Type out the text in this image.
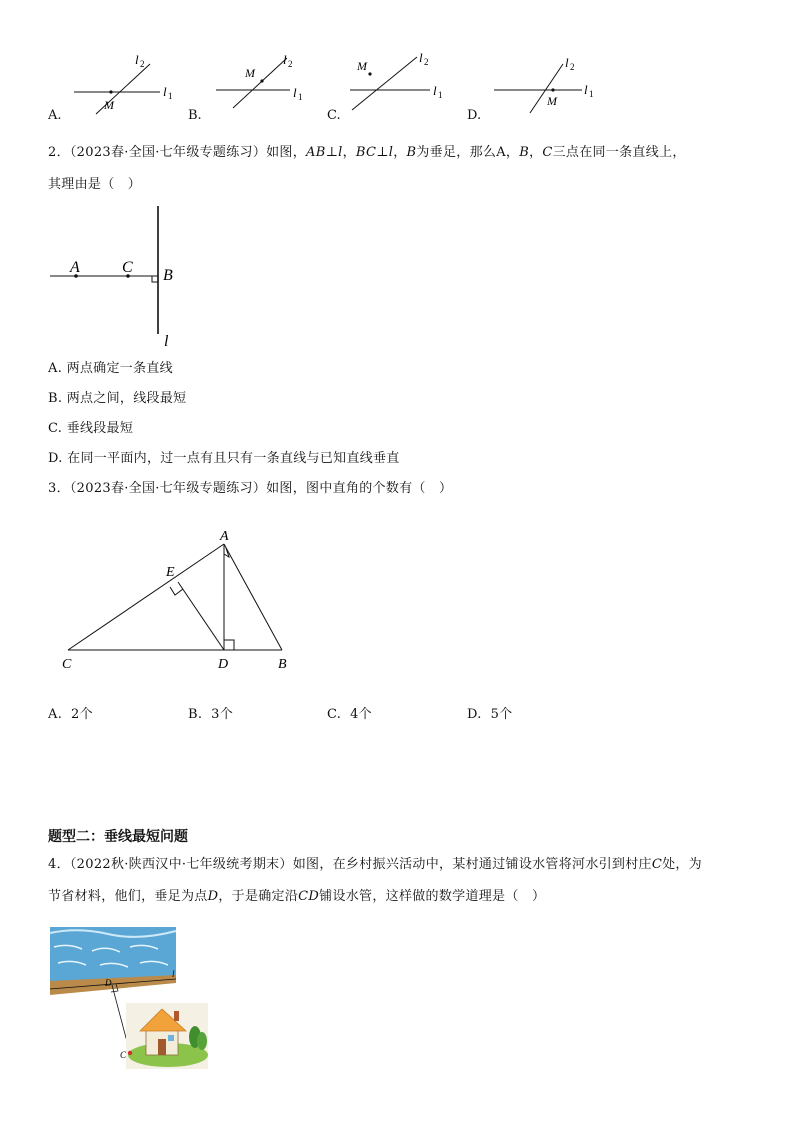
l 2
l 1
M
l 2
l 1
M
l 2
l 1
M	l 2
l 1
M
A.	B.	C.	D.
2．（2023春·全国·七年级专题练习）如图，AB⊥l，BC⊥l，B为垂足，那么A，B，C三点在同一条直线上，
其理由是（　）
A	C B
l
A. 两点确定一条直线
B. 两点之间，线段最短
C. 垂线段最短
D. 在同一平面内，过一点有且只有一条直线与已知直线垂直
3．（2023春·全国·七年级专题练习）如图，图中直角的个数有（　）
A
B
C	D
E
A. 2个	B. 3个	C. 4个	D. 5个
题型二：垂线最短问题
4．（2022秋·陕西汉中·七年级统考期末）如图，在乡村振兴活动中，某村通过铺设水管将河水引到村庄C处，为
节省材料，他们，垂足为点D，于是确定沿CD铺设水管，这样做的数学道理是（　）
l
D
C
